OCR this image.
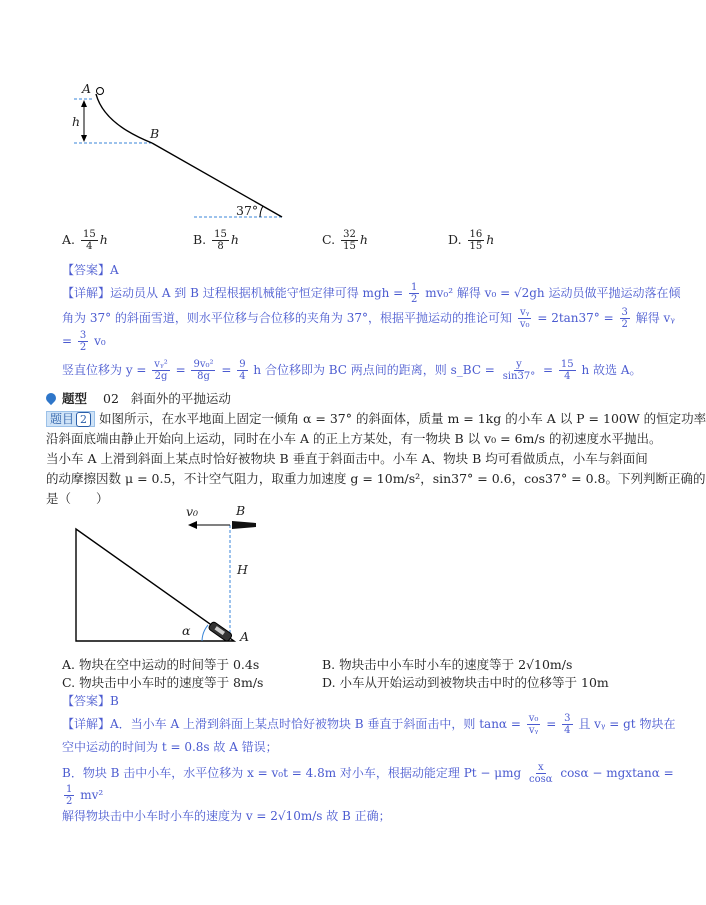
A
h
B
37°
A. $\frac{15}{4}$ h	B. $\frac{15}{8}$ h	C. $\frac{32}{15}$ h	D. $\frac{16}{15}$ h
【答案】A
【详解】运动员从 A 到 B 过程根据机械能守恒定律可得 mgh = $\frac{1}{2} mv_0^2$ 解得 v₀ = √2gh 运动员做平抛运动落在倾
角为 37° 的斜面雪道，则水平位移与合位移的夹角为 37°，根据平抛运动的推论可知 $\frac{\text{vᵧ}}{\text{v₀}} = 2\tan 37^\circ = \frac{3}{2}$ 解得 vᵧ
= $\frac{3}{2} v_0$
竖直位移为 $y = \frac{\text{vᵧ²}}{2g} = \frac{\text{9v₀²}}{8g} = \frac{9}{4}$ h 合位移即为 BC 两点间的距离，则 s_BC = $\frac{y}{\sin 37^\circ} = \frac{15}{4}$ h 故选 A。
题型 02 斜面外的平抛运动
题目 2 如图所示，在水平地面上固定一倾角 α = 37° 的斜面体，质量 m = 1kg 的小车 A 以 P = 100W 的恒定功率
沿斜面底端由静止开始向上运动，同时在小车 A 的正上方某处，有一物块 B 以 v₀ = 6m/s 的初速度水平抛出。
当小车 A 上滑到斜面上某点时恰好被物块 B 垂直于斜面击中。小车 A、物块 B 均可看做质点，小车与斜面间
的动摩擦因数 μ = 0.5，不计空气阻力，取重力加速度 g = 10m/s²，sin37° = 0.6，cos37° = 0.8。下列判断正确的
是（　　）
v₀	B
H
α	A
A. 物块在空中运动的时间等于 0.4s	B. 物块击中小车时小车的速度等于 2√10m/s
C. 物块击中小车时的速度等于 8m/s	D. 小车从开始运动到被物块击中时的位移等于 10m
【答案】B
【详解】A．当小车 A 上滑到斜面上某点时恰好被物块 B 垂直于斜面击中，则 $\tan\alpha = \frac{\text{v₀}}{\text{vᵧ}} = \frac{3}{4}$ 且 vᵧ = gt 物块在
空中运动的时间为 t = 0.8s 故 A 错误；
B．物块 B 击中小车，水平位移为 x = v₀t = 4.8m 对小车，根据动能定理 Pt − μmg $\frac{x}{\cos\alpha}$ cosα − mgxtanα =
$\frac{1}{2} mv^2$
解得物块击中小车时小车的速度为 v = 2√10m/s 故 B 正确；
